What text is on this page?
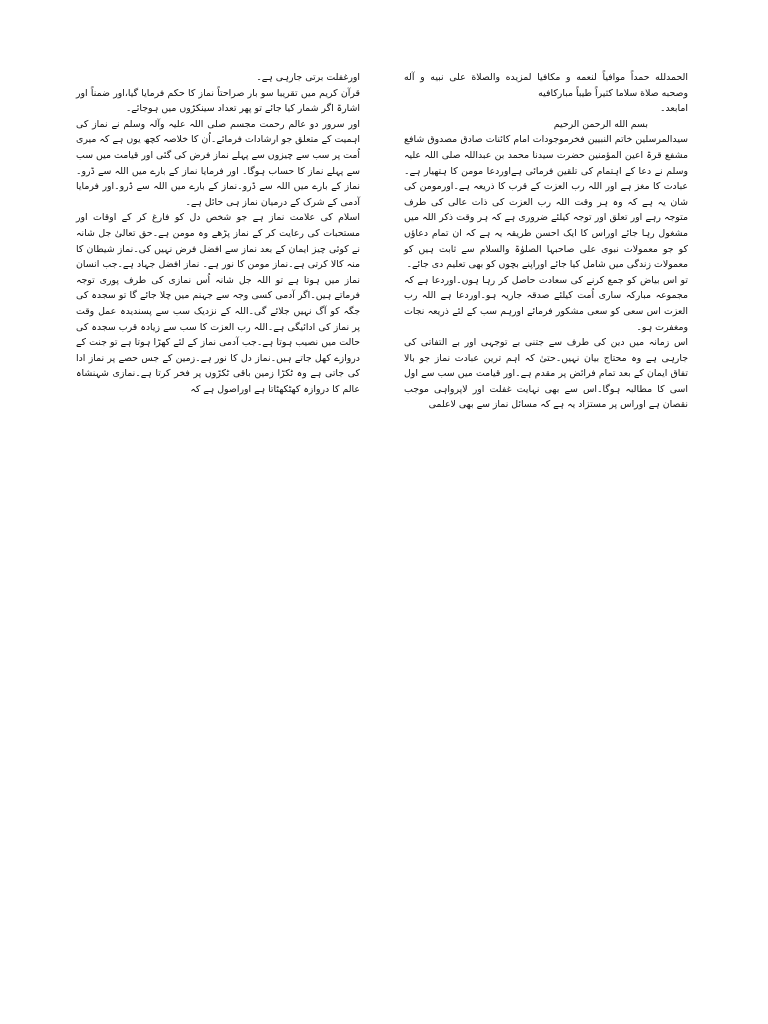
الحمدلله حمداً موافياً لنعمه و مكافيا لمزيده والصلاة على نبيه و آله وصحبه صلاة سلاما كثيراً طيباً مباركافيه

امابعد۔

بسم الله الرحمن الرحیم

سیدالمرسلین خاتم النبیین فخرموجودات امام کائنات صادق مصدوق شافع مشفع قرۃ اعین المؤمنین حضرت سیدنا محمد بن عبداللہ صلی اللہ علیہ وسلم نے دعا کے اہتمام کی تلقین فرمائی ہےاوردعا مومن کا ہتھیار ہے۔عبادت کا مغز ہے اور اللہ رب العزت کے قرب کا ذریعہ ہے۔اورمومن کی شان یہ ہے کہ وہ ہر وقت اللہ رب العزت کی ذات عالی کی طرف متوجہ رہے اور تعلق اور توجہ کیلئے ضروری ہے کہ ہر وقت ذکر اللہ میں مشغول رہا جائے اوراس کا ایک احسن طریقہ یہ ہے کہ ان تمام دعاؤں کو جو معمولات نبوی علی صاحبہا الصلوٰۃ والسلام سے ثابت ہیں کو معمولات زندگی میں شامل کیا جائے اوراپنے بچوں کو بھی تعلیم دی جائے۔

تو اس بیاض کو جمع کرنے کی سعادت حاصل کر رہا ہوں۔اوردعا ہے کہ مجموعہ مبارکہ ساری اُمت کیلئے صدقہ جاریہ ہو۔اوردعا ہے اللہ رب العزت اس سعی کو سعی مشکور فرمائے اورہم سب کے لئے ذریعہ نجات ومغفرت ہو۔

اس زمانہ میں دین کی طرف سے جتنی بے توجہی اور بے التفاتی کی جارہی ہے وہ محتاج بیان نہیں۔حتیٰ کہ اہم ترین عبادت نماز جو بالا تفاق ایمان کے بعد تمام فرائض پر مقدم ہے۔اور قیامت میں سب سے اول اسی کا مطالبہ ہوگا۔اس سے بھی نہایت غفلت اور لاپرواہی موجب نقصان ہے اوراس پر مستزاد یہ ہے کہ مسائل نماز سے بھی لاعلمی

اورغفلت برتی جارہی ہے۔

قرآن کریم میں تقریبا سو بار صراحتاً نماز کا حکم فرمایا گیا،اور ضمناً اور اشارۃ اگر شمار کیا جائے تو پھر تعداد سینکڑوں میں ہوجائے۔

اور سرور دو عالم رحمت مجسم صلی اللہ علیہ وآلہ وسلم نے نماز کی اہمیت کے متعلق جو ارشادات فرمائے۔اُن کا خلاصہ کچھ یوں ہے کہ میری اُمت پر سب سے چیزوں سے پہلے نماز فرض کی گئی اور قیامت میں سب سے پہلے نماز کا حساب ہوگا۔ اور فرمایا نماز کے بارے میں اللہ سے ڈرو۔نماز کے بارے میں اللہ سے ڈرو۔نماز کے بارے میں اللہ سے ڈرو۔اور فرمایا آدمی کے شرک کے درمیان نماز ہی حائل ہے۔

اسلام کی علامت نماز ہے جو شخص دل کو فارغ کر کے اوقات اور مستحبات کی رعایت کر کے نماز پڑھے وہ مومن ہے۔حق تعالیٰ جل شانہ نے کوئی چیز ایمان کے بعد نماز سے افضل فرض نہیں کی۔نماز شیطان کا منہ کالا کرتی ہے۔نماز مومن کا نور ہے۔ نماز افضل جہاد ہے۔جب انسان نماز میں ہوتا ہے تو اللہ جل شانہ اُس نمازی کی طرف پوری توجہ فرماتے ہیں۔اگر آدمی کسی وجہ سے جہنم میں چلا جائے گا تو سجدہ کی جگہ کو آگ نہیں جلائے گی۔اللہ کے نزدیک سب سے پسندیدہ عمل وقت پر نماز کی ادائیگی ہے۔اللہ رب العزت کا سب سے زیادہ قرب سجدہ کی حالت میں نصیب ہوتا ہے۔جب آدمی نماز کے لئے کھڑا ہوتا ہے تو جنت کے دروازے کھل جاتے ہیں۔نماز دل کا نور ہے۔زمین کے جس حصے پر نماز ادا کی جاتی ہے وہ ٹکڑا زمین باقی ٹکڑوں پر فخر کرتا ہے۔نمازی شہنشاہ عالم کا دروازہ کھٹکھٹاتا ہے اوراصول ہے کہ
